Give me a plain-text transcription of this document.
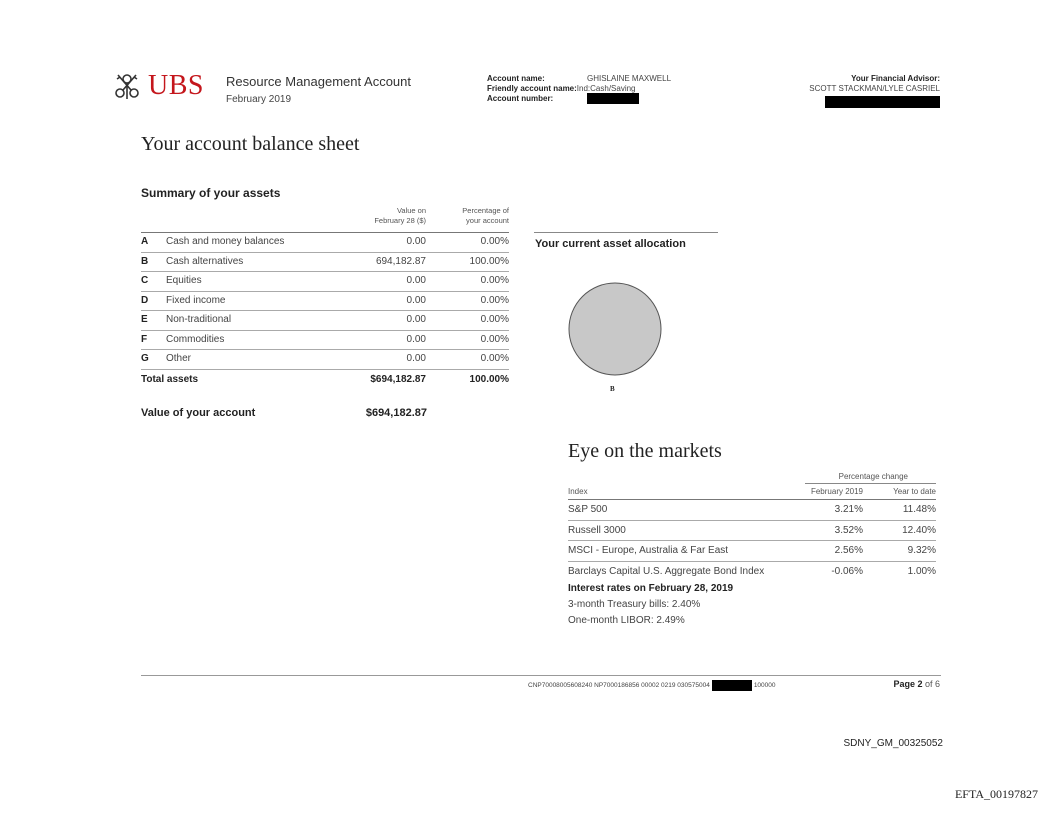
UBS Resource Management Account
February 2019
Account name:	GHISLAINE MAXWELL
Friendly account name: Ind:Cash/Saving
Account number:
Your Financial Advisor:
SCOTT STACKMAN/LYLE CASRIEL
Your account balance sheet
Summary of your assets
Value on
February 28 ($)
Percentage of
your account
A Cash and money balances	0.00	0.00%
B Cash alternatives	694,182.87	100.00%
C Equities	0.00	0.00%
D Fixed income	0.00	0.00%
E Non-traditional	0.00	0.00%
F Commodities	0.00	0.00%
G Other	0.00	0.00%
Total assets	$694,182.87	100.00%
Value of your account	$694,182.87
Your current asset allocation
B
Eye on the markets
Percentage change
Index	February 2019	Year to date
S&P 500	3.21%	11.48%
Russell 3000	3.52%	12.40%
MSCI - Europe, Australia & Far East	2.56%	9.32%
Barclays Capital U.S. Aggregate Bond Index	-0.06%	1.00%
Interest rates on February 28, 2019
3-month Treasury bills: 2.40%
One-month LIBOR: 2.49%
CNP70008005608240 NP7000186856 00002 0219 030575004	100000	Page 2 of 6
SDNY_GM_00325052
EFTA_00197827
